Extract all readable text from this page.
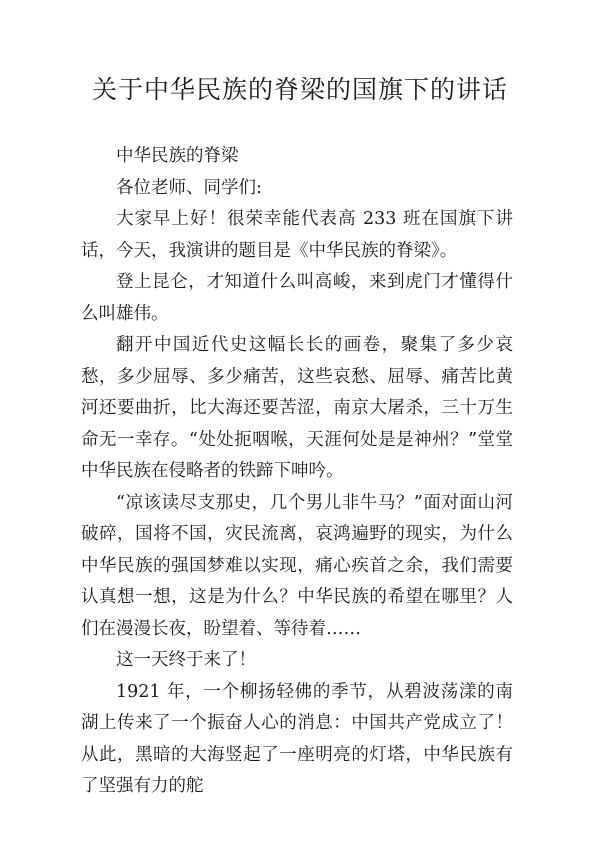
关于中华民族的脊梁的国旗下的讲话

中华民族的脊梁

各位老师、同学们:

大家早上好！很荣幸能代表高 233 班在国旗下讲话，今天，我演讲的题目是《中华民族的脊梁》。

登上昆仑，才知道什么叫高峻，来到虎门才懂得什么叫雄伟。

翻开中国近代史这幅长长的画卷，聚集了多少哀愁，多少屈辱、多少痛苦，这些哀愁、屈辱、痛苦比黄河还要曲折，比大海还要苦涩，南京大屠杀，三十万生命无一幸存。“处处扼咽喉，天涯何处是是神州？”堂堂中华民族在侵略者的铁蹄下呻吟。

“凉该读尽支那史，几个男儿非牛马？”面对面山河破碎，国将不国，灾民流离，哀鸿遍野的现实，为什么中华民族的强国梦难以实现，痛心疾首之余，我们需要认真想一想，这是为什么？中华民族的希望在哪里？人们在漫漫长夜，盼望着、等待着……

这一天终于来了！

1921 年，一个柳扬轻佛的季节，从碧波荡漾的南湖上传来了一个振奋人心的消息：中国共产党成立了！从此，黑暗的大海竖起了一座明亮的灯塔，中华民族有了坚强有力的舵
